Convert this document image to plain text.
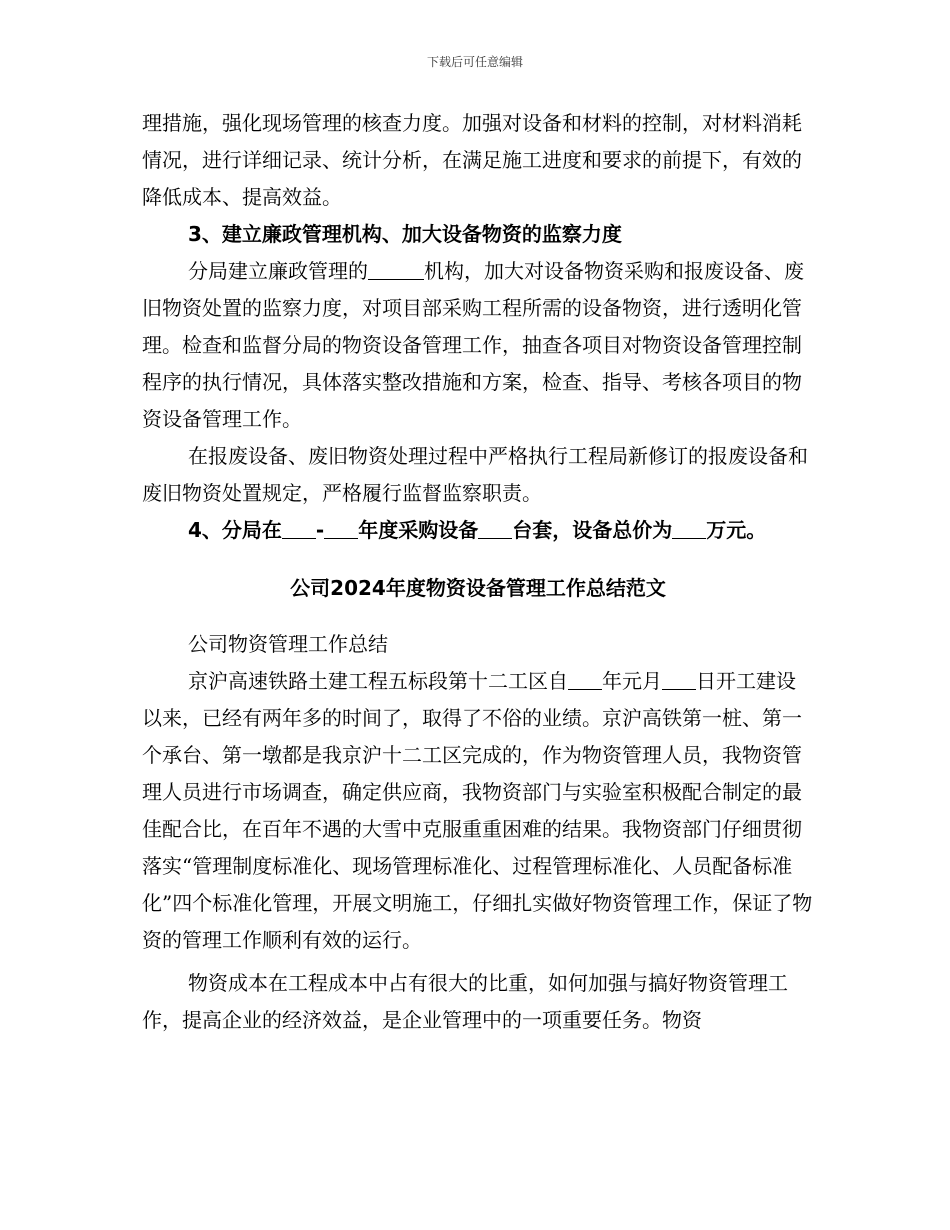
下载后可任意编辑

理措施，强化现场管理的核查力度。加强对设备和材料的控制，对材料消耗情况，进行详细记录、统计分析，在满足施工进度和要求的前提下，有效的降低成本、提高效益。

3、建立廉政管理机构、加大设备物资的监察力度

分局建立廉政管理的	机构，加大对设备物资采购和报废设备、废旧物资处置的监察力度，对项目部采购工程所需的设备物资，进行透明化管理。检查和监督分局的物资设备管理工作，抽查各项目对物资设备管理控制程序的执行情况，具体落实整改措施和方案，检查、指导、考核各项目的物资设备管理工作。

在报废设备、废旧物资处理过程中严格执行工程局新修订的报废设备和废旧物资处置规定，严格履行监督监察职责。

4、分局在 - 年度采购设备 台套，设备总价为 万元。

公司2024年度物资设备管理工作总结范文

公司物资管理工作总结

京沪高速铁路土建工程五标段第十二工区自 年元月 日开工建设以来，已经有两年多的时间了，取得了不俗的业绩。京沪高铁第一桩、第一个承台、第一墩都是我京沪十二工区完成的，作为物资管理人员，我物资管理人员进行市场调查，确定供应商，我物资部门与实验室积极配合制定的最佳配合比，在百年不遇的大雪中克服重重困难的结果。我物资部门仔细贯彻落实“管理制度标准化、现场管理标准化、过程管理标准化、人员配备标准化”四个标准化管理，开展文明施工，仔细扎实做好物资管理工作，保证了物资的管理工作顺利有效的运行。

物资成本在工程成本中占有很大的比重，如何加强与搞好物资管理工作，提高企业的经济效益，是企业管理中的一项重要任务。物资
